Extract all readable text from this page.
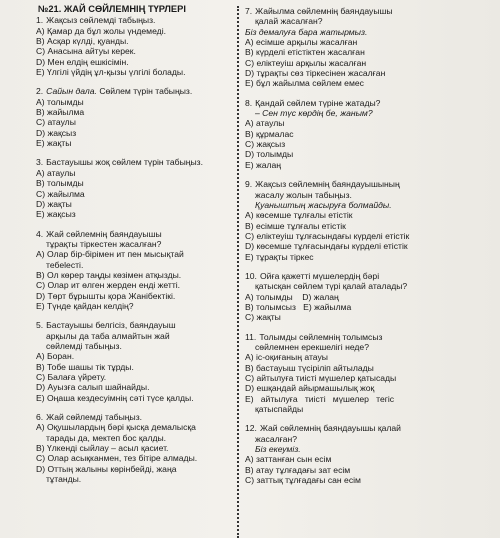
№21. ЖАЙ СӨЙЛЕМНІҢ ТҮРЛЕРІ
1. Жақсыз сөйлемді табыңыз.
А) Қамар да бұл жолы үндемеді.
В) Асқар күлді, қуанды.
С) Анасына айтуы керек.
D) Мен елдің ешкісімін.
Е) Үлгілі үйдің ұл-қызы үлгілі болады.
2. Сайын дала. Сөйлем түрін табыңыз.
А) толымды
В) жайылма
С) атаулы
D) жақсыз
Е) жақты
3. Бастауышы жоқ сөйлем түрін табыңыз.
А) атаулы
В) толымды
С) жайылма
D) жақты
Е) жақсыз
4. Жай сөйлемнің баяндауышы
тұрақты тіркестен жасалған?
А) Олар бір-бірімен ит пен мысықтай
тебеlесті.
В) Ол көрер таңды көзімен атқызды.
С) Олар ит өлген жерден енді жетті.
D) Төрт бұрышты қора Жанібектікі.
Е) Түнде қайдан келдің?
5. Бастауышы белгісіз, баяндауыш
арқылы да таба алмайтын жай
сөйлемді табыңыз.
А) Боран.
В) Тобе шашы тік тұрды.
С) Балаға үйрету.
D) Ауызға салып шайнайды.
Е) Оңаша кездесуімнің сәті түсе қалды.
6. Жай сөйлемді табыңыз.
А) Оқушылардың бәрі қысқа демалысқа
тарады да, мектеп бос қалды.
В) Үлкенді сыйлау – асыл қасиет.
С) Олар асықканмен, тез бітіре алмады.
D) Оттың жалыны көрінбейді, жаңа
тұтанды.
7. Жайылма сөйлемнің баяндауышы
қалай жасалған?
Біз демалуға бара жатырмыз.
А) есімше арқылы жасалған
В) күрделі етістіктен жасалған
С) еліктеуіш арқылы жасалған
D) тұрақты сөз тіркесінен жасалған
Е) бұл жайылма сөйлем емес
8. Қандай сөйлем түріне жатады?
– Сен түс көрдің бе, жаным?
А) атаулы
В) құрмалас
С) жақсыз
D) толымды
Е) жалаң
9. Жақсыз сөйлемнің баяндауышының
жасалу жолын табыңыз.
Қуаныштың жасыруға болмайды.
А) көсемше тұлғалы етістік
В) есімше тұлғалы етістік
С) еліктеуіш тұлғасындағы күрделі етістік
D) көсемше тұлғасындағы күрделі етістік
Е) тұрақты тіркес
10. Ойға қажетті мүшелердің бәрі
қатысқан сөйлем түрі қалай аталады?
А) толымды    D) жалаң
В) толымсыз   Е) жайылма
С) жақты
11. Толымды сөйлемнің толымсыз
сөйлемнен ерекшелігі неде?
А) іс-оқиғаның атауы
В) бастауыш түсіріліп айтылады
С) айтылуға тиісті мүшелер қатысады
D) ешқандай айырмашылық жоқ
Е)   айтылуға   тиісті   мүшелер   тегіс
қатыспайды
12. Жай сөйлемнің баяндауышы қалай
жасалған?
Біз екеуміз.
А) заттанған сын есім
В) атау тұлғадағы зат есім
С) заттық тұлғадағы сан есім
